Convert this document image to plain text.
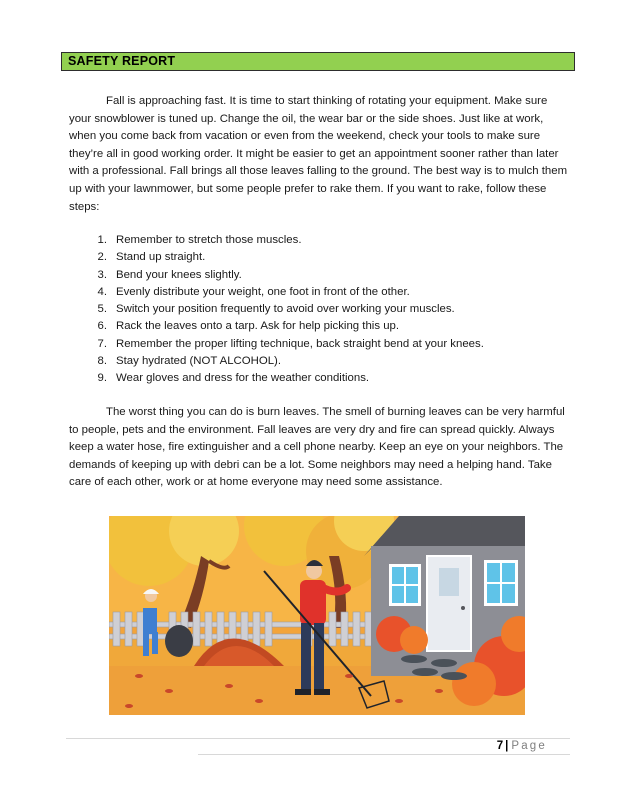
SAFETY REPORT

Fall is approaching fast. It is time to start thinking of rotating your equipment. Make sure your snowblower is tuned up. Change the oil, the wear bar or the side shoes. Just like at work, when you come back from vacation or even from the weekend, check your tools to make sure they’re all in good working order. It might be easier to get an appointment sooner rather than later with a professional. Fall brings all those leaves falling to the ground. The best way is to mulch them up with your lawnmower, but some people prefer to rake them. If you want to rake, follow these steps:

1. Remember to stretch those muscles.
2. Stand up straight.
3. Bend your knees slightly.
4. Evenly distribute your weight, one foot in front of the other.
5. Switch your position frequently to avoid over working your muscles.
6. Rack the leaves onto a tarp. Ask for help picking this up.
7. Remember the proper lifting technique, back straight bend at your knees.
8. Stay hydrated (NOT ALCOHOL).
9. Wear gloves and dress for the weather conditions.

The worst thing you can do is burn leaves. The smell of burning leaves can be very harmful to people, pets and the environment. Fall leaves are very dry and fire can spread quickly. Always keep a water hose, fire extinguisher and a cell phone nearby. Keep an eye on your neighbors. The demands of keeping up with debri can be a lot. Some neighbors may need a helping hand. Take care of each other, work or at home everyone may need some assistance.

7 | Page
